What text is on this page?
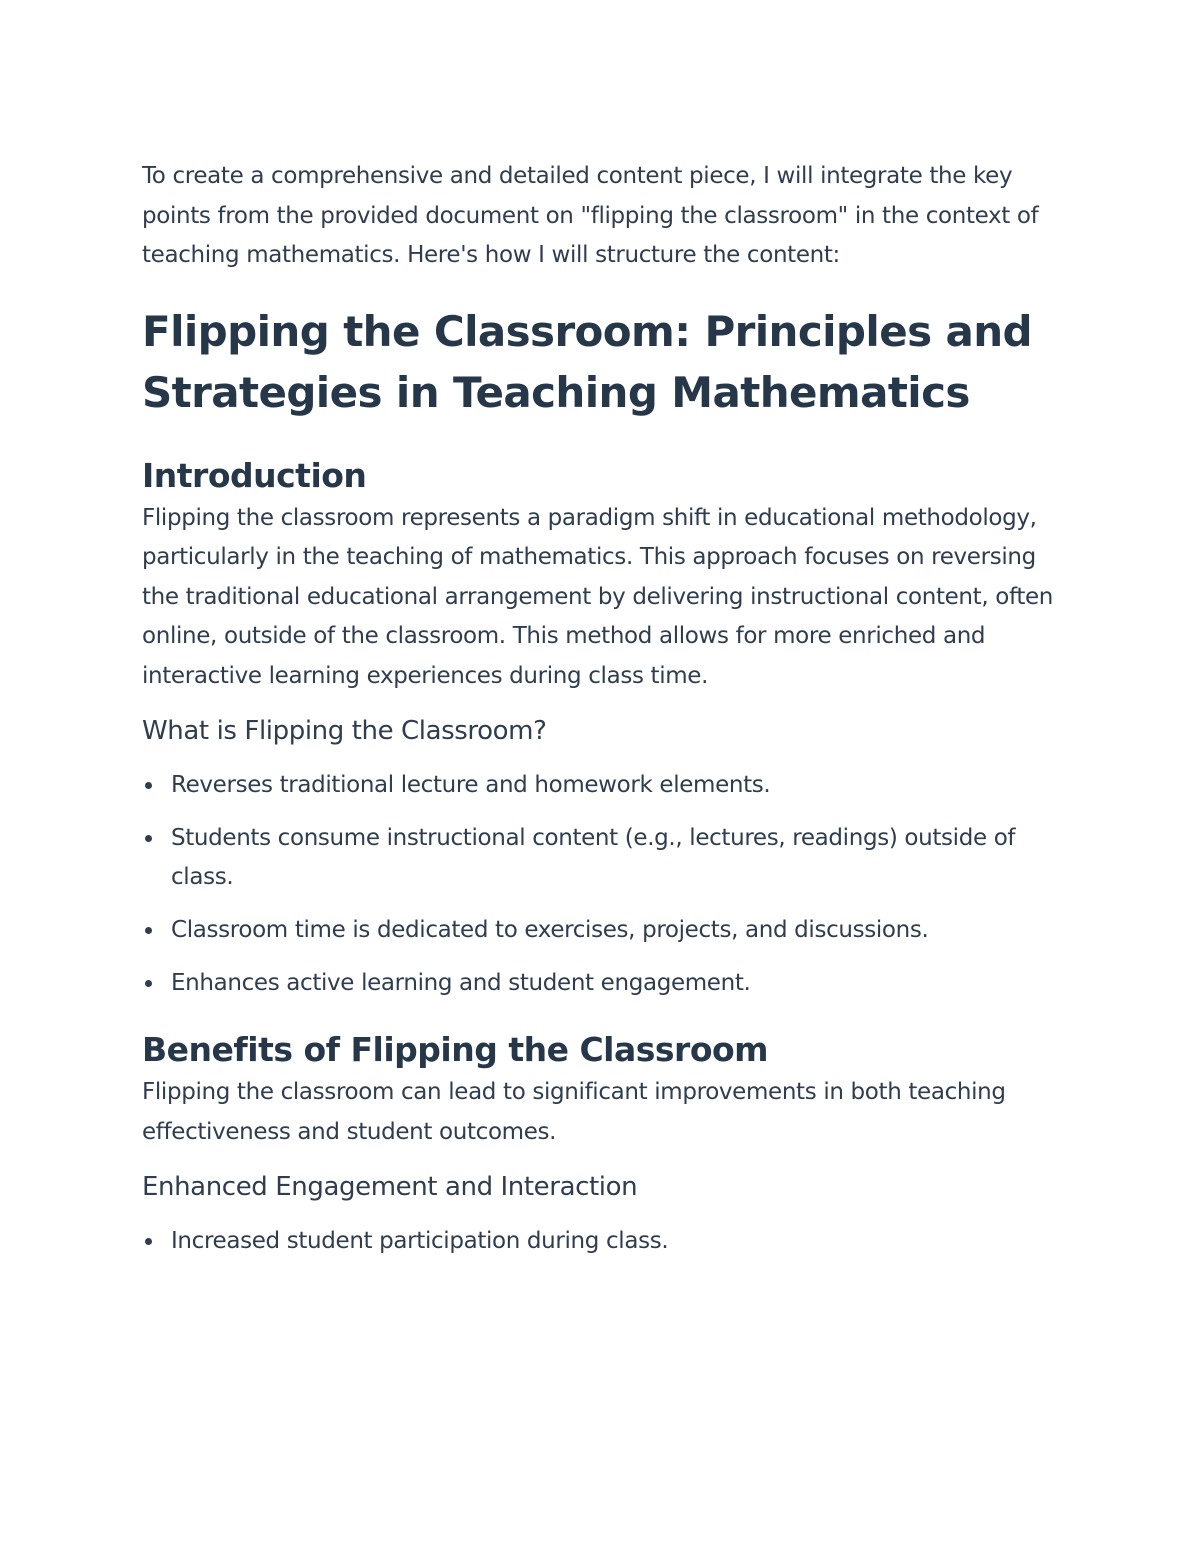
To create a comprehensive and detailed content piece, I will integrate the key points from the provided document on "flipping the classroom" in the context of teaching mathematics. Here's how I will structure the content:

Flipping the Classroom: Principles and Strategies in Teaching Mathematics
Introduction

Flipping the classroom represents a paradigm shift in educational methodology, particularly in the teaching of mathematics. This approach focuses on reversing the traditional educational arrangement by delivering instructional content, often online, outside of the classroom. This method allows for more enriched and interactive learning experiences during class time.

What is Flipping the Classroom?
Reverses traditional lecture and homework elements.
Students consume instructional content (e.g., lectures, readings) outside of class.
Classroom time is dedicated to exercises, projects, and discussions.
Enhances active learning and student engagement.
Benefits of Flipping the Classroom

Flipping the classroom can lead to significant improvements in both teaching effectiveness and student outcomes.

Enhanced Engagement and Interaction
Increased student participation during class.
